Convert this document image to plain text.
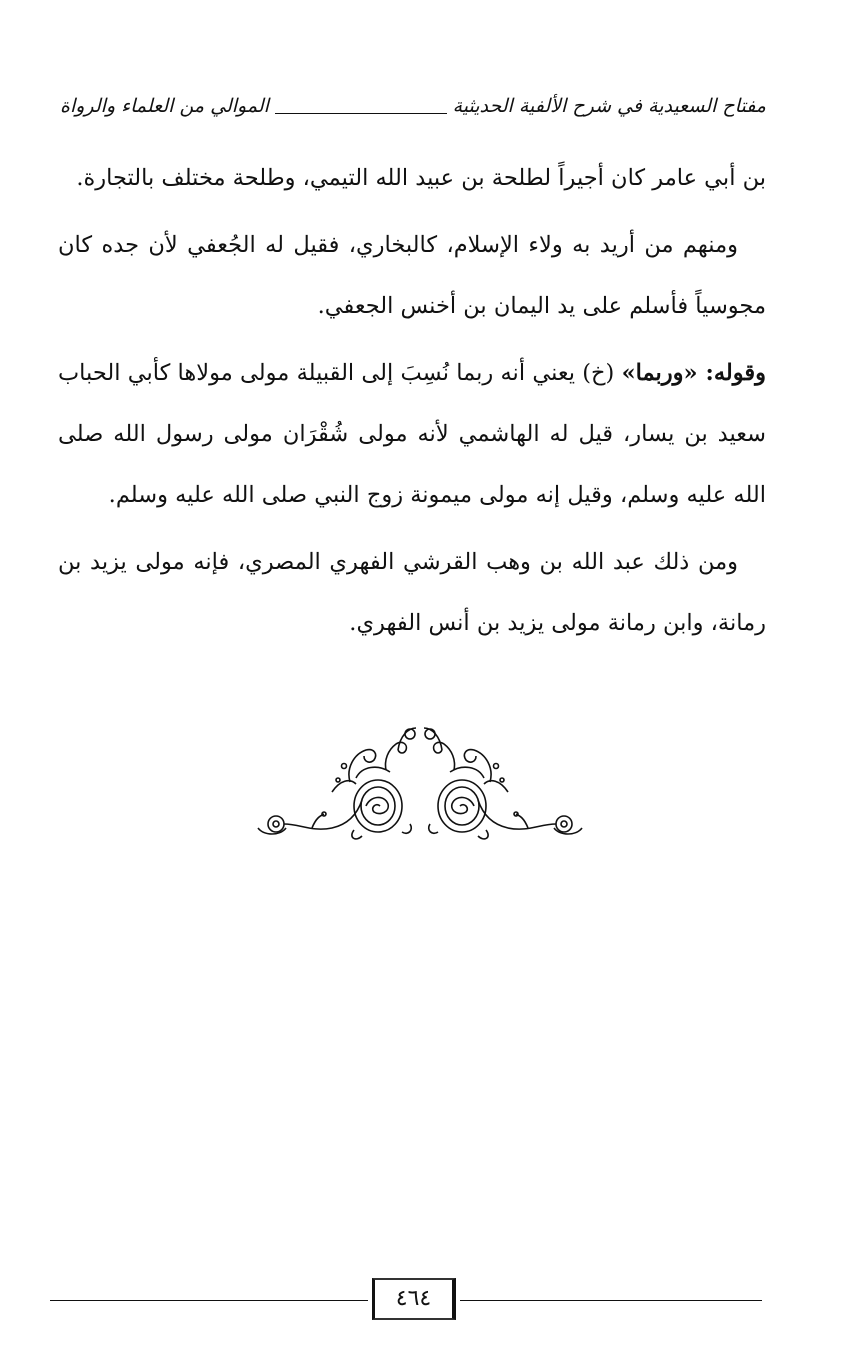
مفتاح السعيدية في شرح الألفية الحديثية
الموالي من العلماء والرواة

بن أبي عامر كان أجيراً لطلحة بن عبيد الله التيمي، وطلحة مختلف بالتجارة.

ومنهم من أريد به ولاء الإسلام، كالبخاري، فقيل له الجُعفي لأن جده كان مجوسياً فأسلم على يد اليمان بن أخنس الجعفي.

وقوله: «وربما» (خ) يعني أنه ربما نُسِبَ إلى القبيلة مولى مولاها كأبي الحباب سعيد بن يسار، قيل له الهاشمي لأنه مولى شُقْرَان مولى رسول الله صلى الله عليه وسلم، وقيل إنه مولى ميمونة زوج النبي صلى الله عليه وسلم.

ومن ذلك عبد الله بن وهب القرشي الفهري المصري، فإنه مولى يزيد بن رمانة، وابن رمانة مولى يزيد بن أنس الفهري.

٤٦٤
